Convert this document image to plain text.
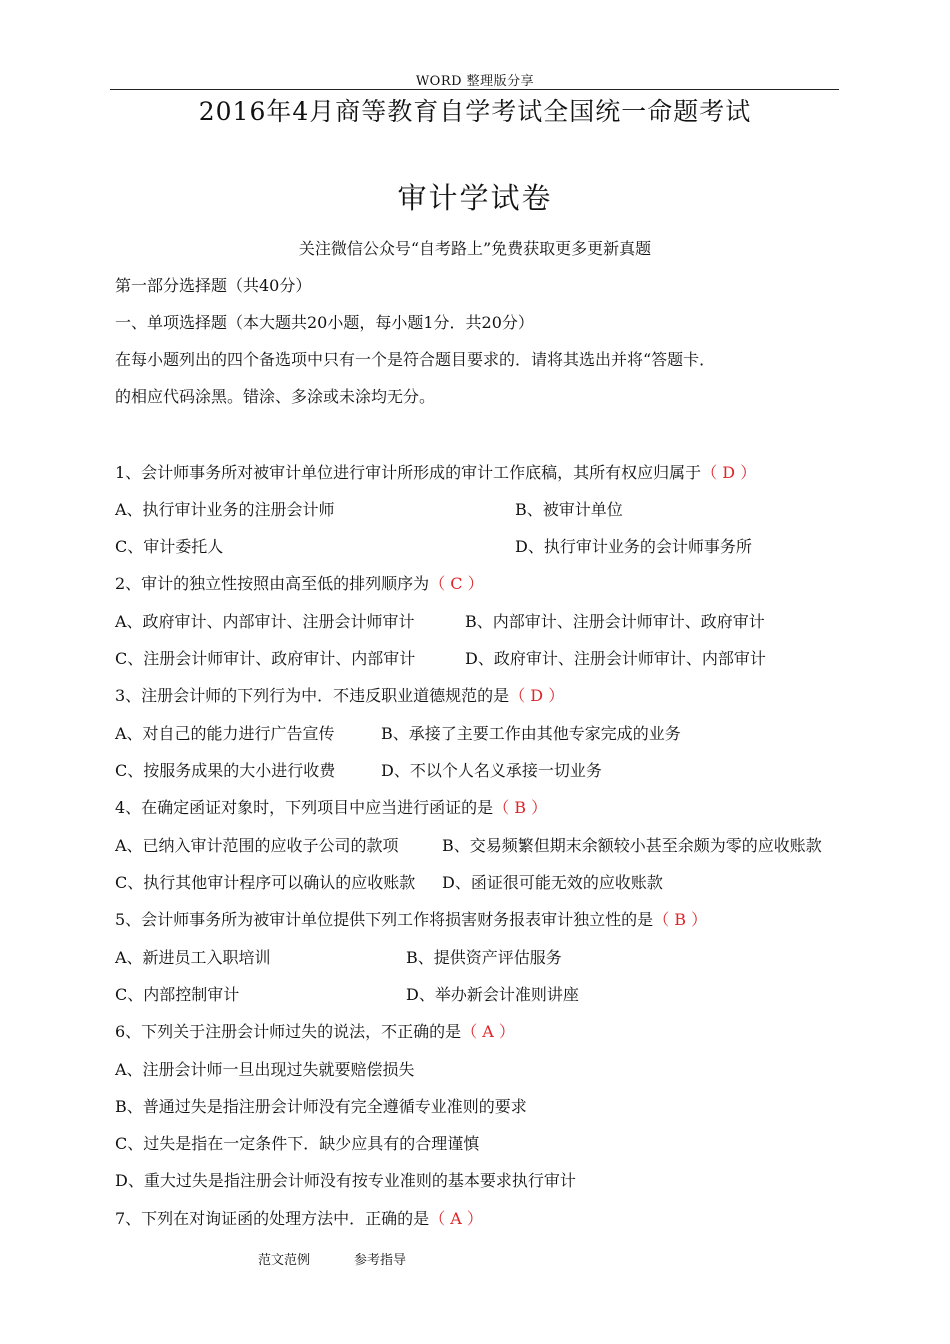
WORD 整理版分享
2016年4月商等教育自学考试全国统一命题考试
审计学试卷
关注微信公众号“自考路上”免费获取更多更新真题
第一部分选择题（共40分）
一、单项选择题（本大题共20小题，每小题1分．共20分）
在每小题列出的四个备选项中只有一个是符合题目要求的．请将其选出并将“答题卡．
的相应代码涂黑。错涂、多涂或未涂均无分。
1、会计师事务所对被审计单位进行审计所形成的审计工作底稿，其所有权应归属于（ D ）
A、执行审计业务的注册会计师	B、被审计单位
C、审计委托人	D、执行审计业务的会计师事务所
2、审计的独立性按照由高至低的排列顺序为（ C ）
A、政府审计、内部审计、注册会计师审计	B、内部审计、注册会计师审计、政府审计
C、注册会计师审计、政府审计、内部审计	D、政府审计、注册会计师审计、内部审计
3、注册会计师的下列行为中．不违反职业道德规范的是（ D ）
A、对自己的能力进行广告宣传	B、承接了主要工作由其他专家完成的业务
C、按服务成果的大小进行收费	D、不以个人名义承接一切业务
4、在确定函证对象时，下列项目中应当进行函证的是（ B ）
A、已纳入审计范围的应收子公司的款项	B、交易频繁但期末余额较小甚至余颇为零的应收账款
C、执行其他审计程序可以确认的应收账款 D、函证很可能无效的应收账款
5、会计师事务所为被审计单位提供下列工作将损害财务报表审计独立性的是（ B ）
A、新进员工入职培训	B、提供资产评估服务
C、内部控制审计	D、举办新会计准则讲座
6、下列关于注册会计师过失的说法，不正确的是（ A ）
A、注册会计师一旦出现过失就要赔偿损失
B、普通过失是指注册会计师没有完全遵循专业准则的要求
C、过失是指在一定条件下．缺少应具有的合理谨慎
D、重大过失是指注册会计师没有按专业准则的基本要求执行审计
7、下列在对询证函的处理方法中．正确的是（ A ）
范文范例	参考指导
